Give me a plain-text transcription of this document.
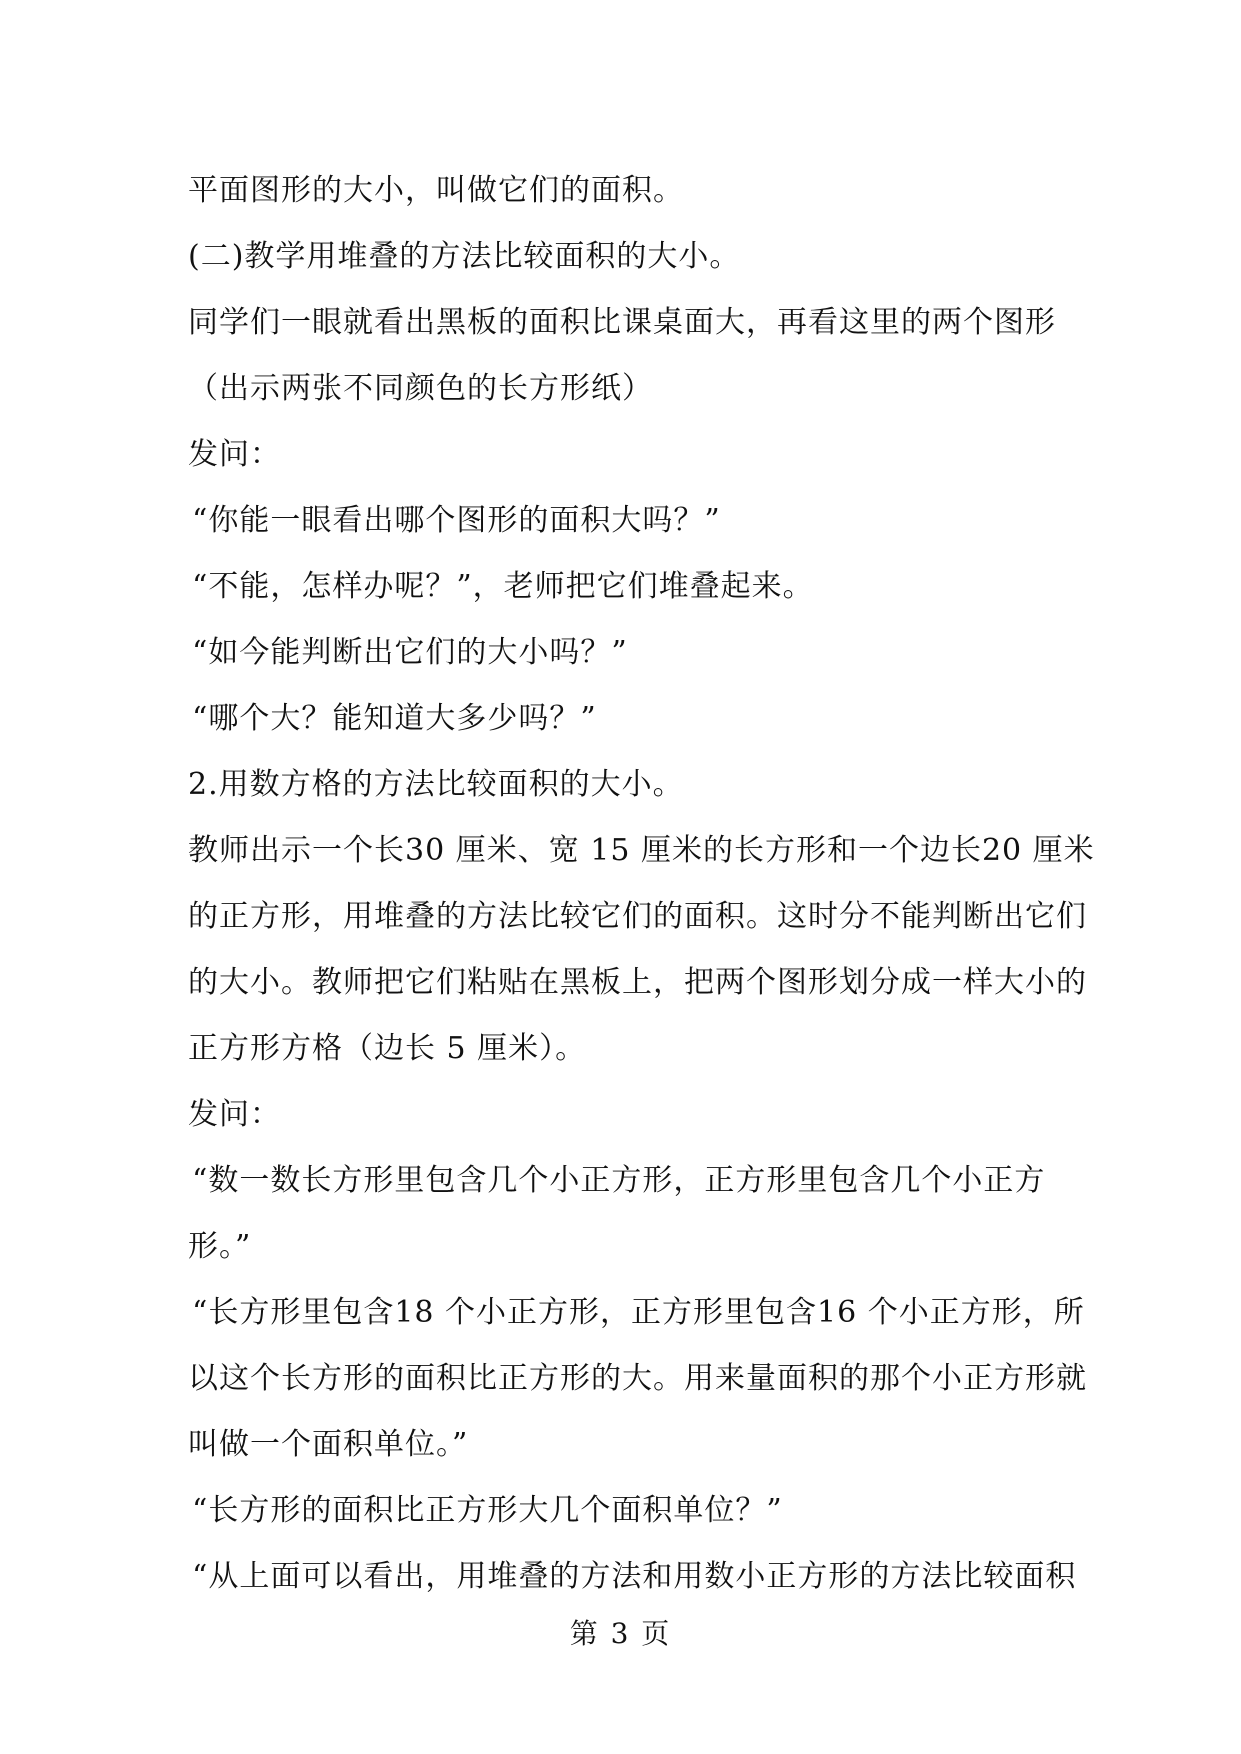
平面图形的大小，叫做它们的面积。
(二)教学用堆叠的方法比较面积的大小。
同学们一眼就看出黑板的面积比课桌面大，再看这里的两个图形
（出示两张不同颜色的长方形纸）
发问：
“你能一眼看出哪个图形的面积大吗？”
“不能，怎样办呢？”，老师把它们堆叠起来。
“如今能判断出它们的大小吗？”
“哪个大？能知道大多少吗？”
2.用数方格的方法比较面积的大小。
教师出示一个长30 厘米、宽 15 厘米的长方形和一个边长20 厘米
的正方形，用堆叠的方法比较它们的面积。这时分不能判断出它们
的大小。教师把它们粘贴在黑板上，把两个图形划分成一样大小的
正方形方格（边长 5 厘米）。
发问：
“数一数长方形里包含几个小正方形，正方形里包含几个小正方
形。”
“长方形里包含18 个小正方形，正方形里包含16 个小正方形，所
以这个长方形的面积比正方形的大。用来量面积的那个小正方形就
叫做一个面积单位。”
“长方形的面积比正方形大几个面积单位？”
“从上面可以看出，用堆叠的方法和用数小正方形的方法比较面积
第 3 页
